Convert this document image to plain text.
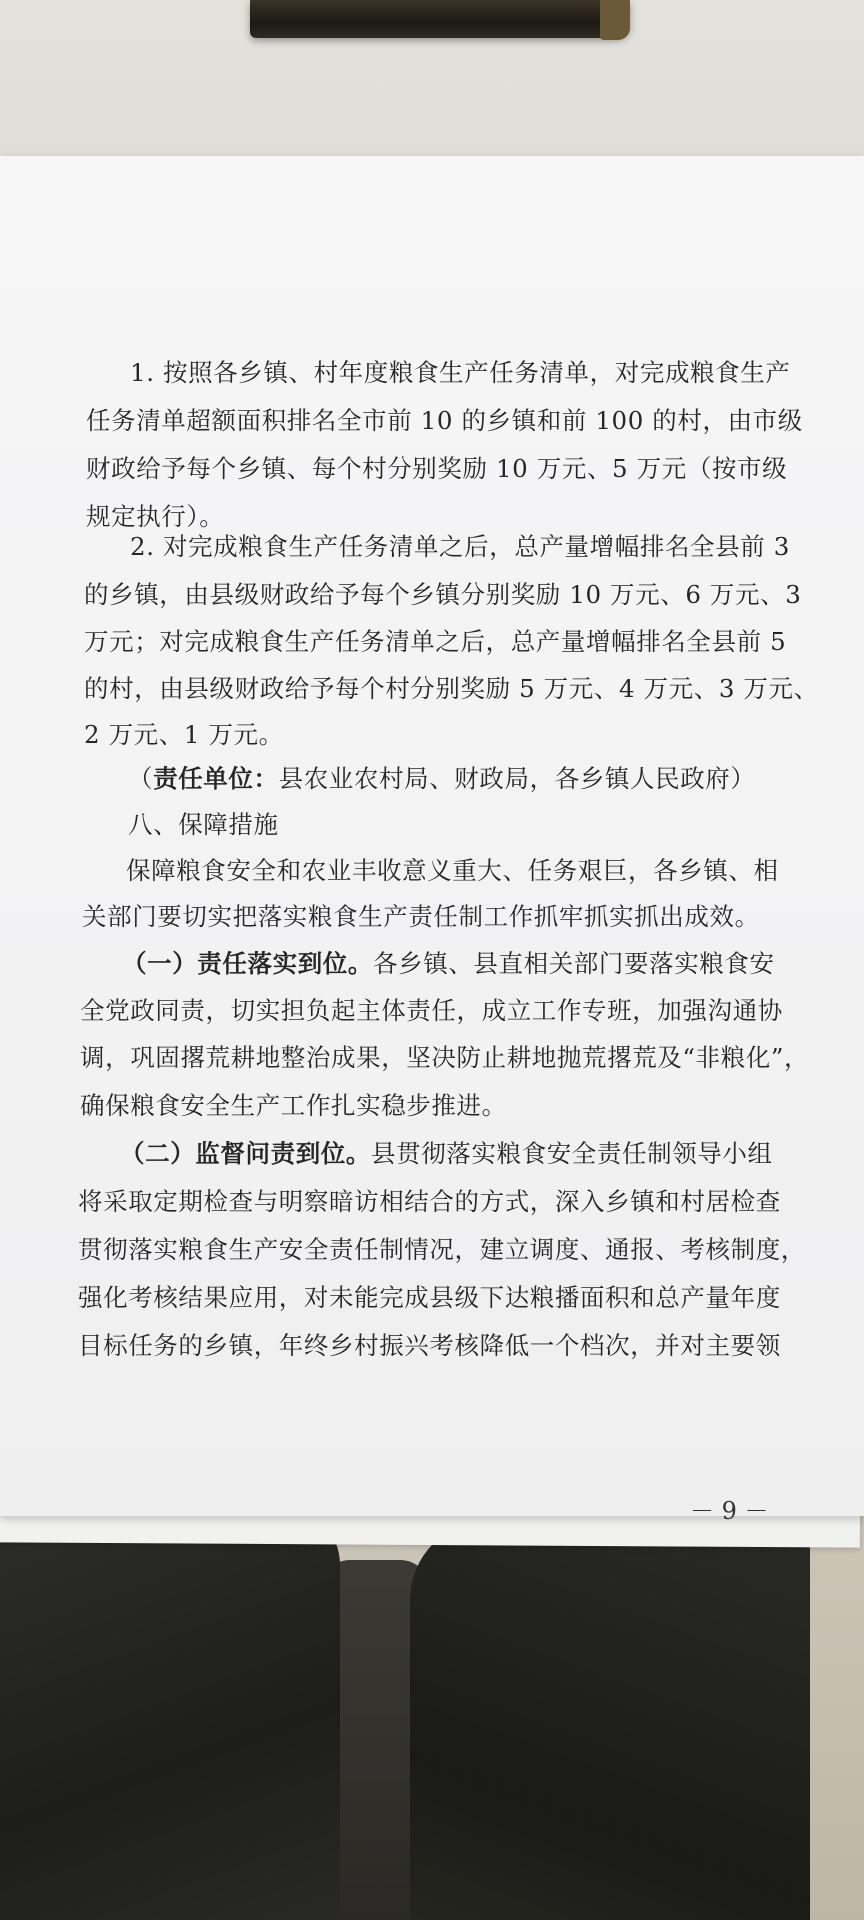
1. 按照各乡镇、村年度粮食生产任务清单，对完成粮食生产
任务清单超额面积排名全市前 10 的乡镇和前 100 的村，由市级
财政给予每个乡镇、每个村分别奖励 10 万元、5 万元（按市级
规定执行）。
2. 对完成粮食生产任务清单之后，总产量增幅排名全县前 3
的乡镇，由县级财政给予每个乡镇分别奖励 10 万元、6 万元、3
万元；对完成粮食生产任务清单之后，总产量增幅排名全县前 5
的村，由县级财政给予每个村分别奖励 5 万元、4 万元、3 万元、
2 万元、1 万元。
（责任单位：县农业农村局、财政局，各乡镇人民政府）
八、保障措施
保障粮食安全和农业丰收意义重大、任务艰巨，各乡镇、相
关部门要切实把落实粮食生产责任制工作抓牢抓实抓出成效。
（一）责任落实到位。各乡镇、县直相关部门要落实粮食安
全党政同责，切实担负起主体责任，成立工作专班，加强沟通协
调，巩固撂荒耕地整治成果，坚决防止耕地抛荒撂荒及“非粮化”，
确保粮食安全生产工作扎实稳步推进。
（二）监督问责到位。县贯彻落实粮食安全责任制领导小组
将采取定期检查与明察暗访相结合的方式，深入乡镇和村居检查
贯彻落实粮食生产安全责任制情况，建立调度、通报、考核制度，
强化考核结果应用，对未能完成县级下达粮播面积和总产量年度
目标任务的乡镇，年终乡村振兴考核降低一个档次，并对主要领
－ 9 －
